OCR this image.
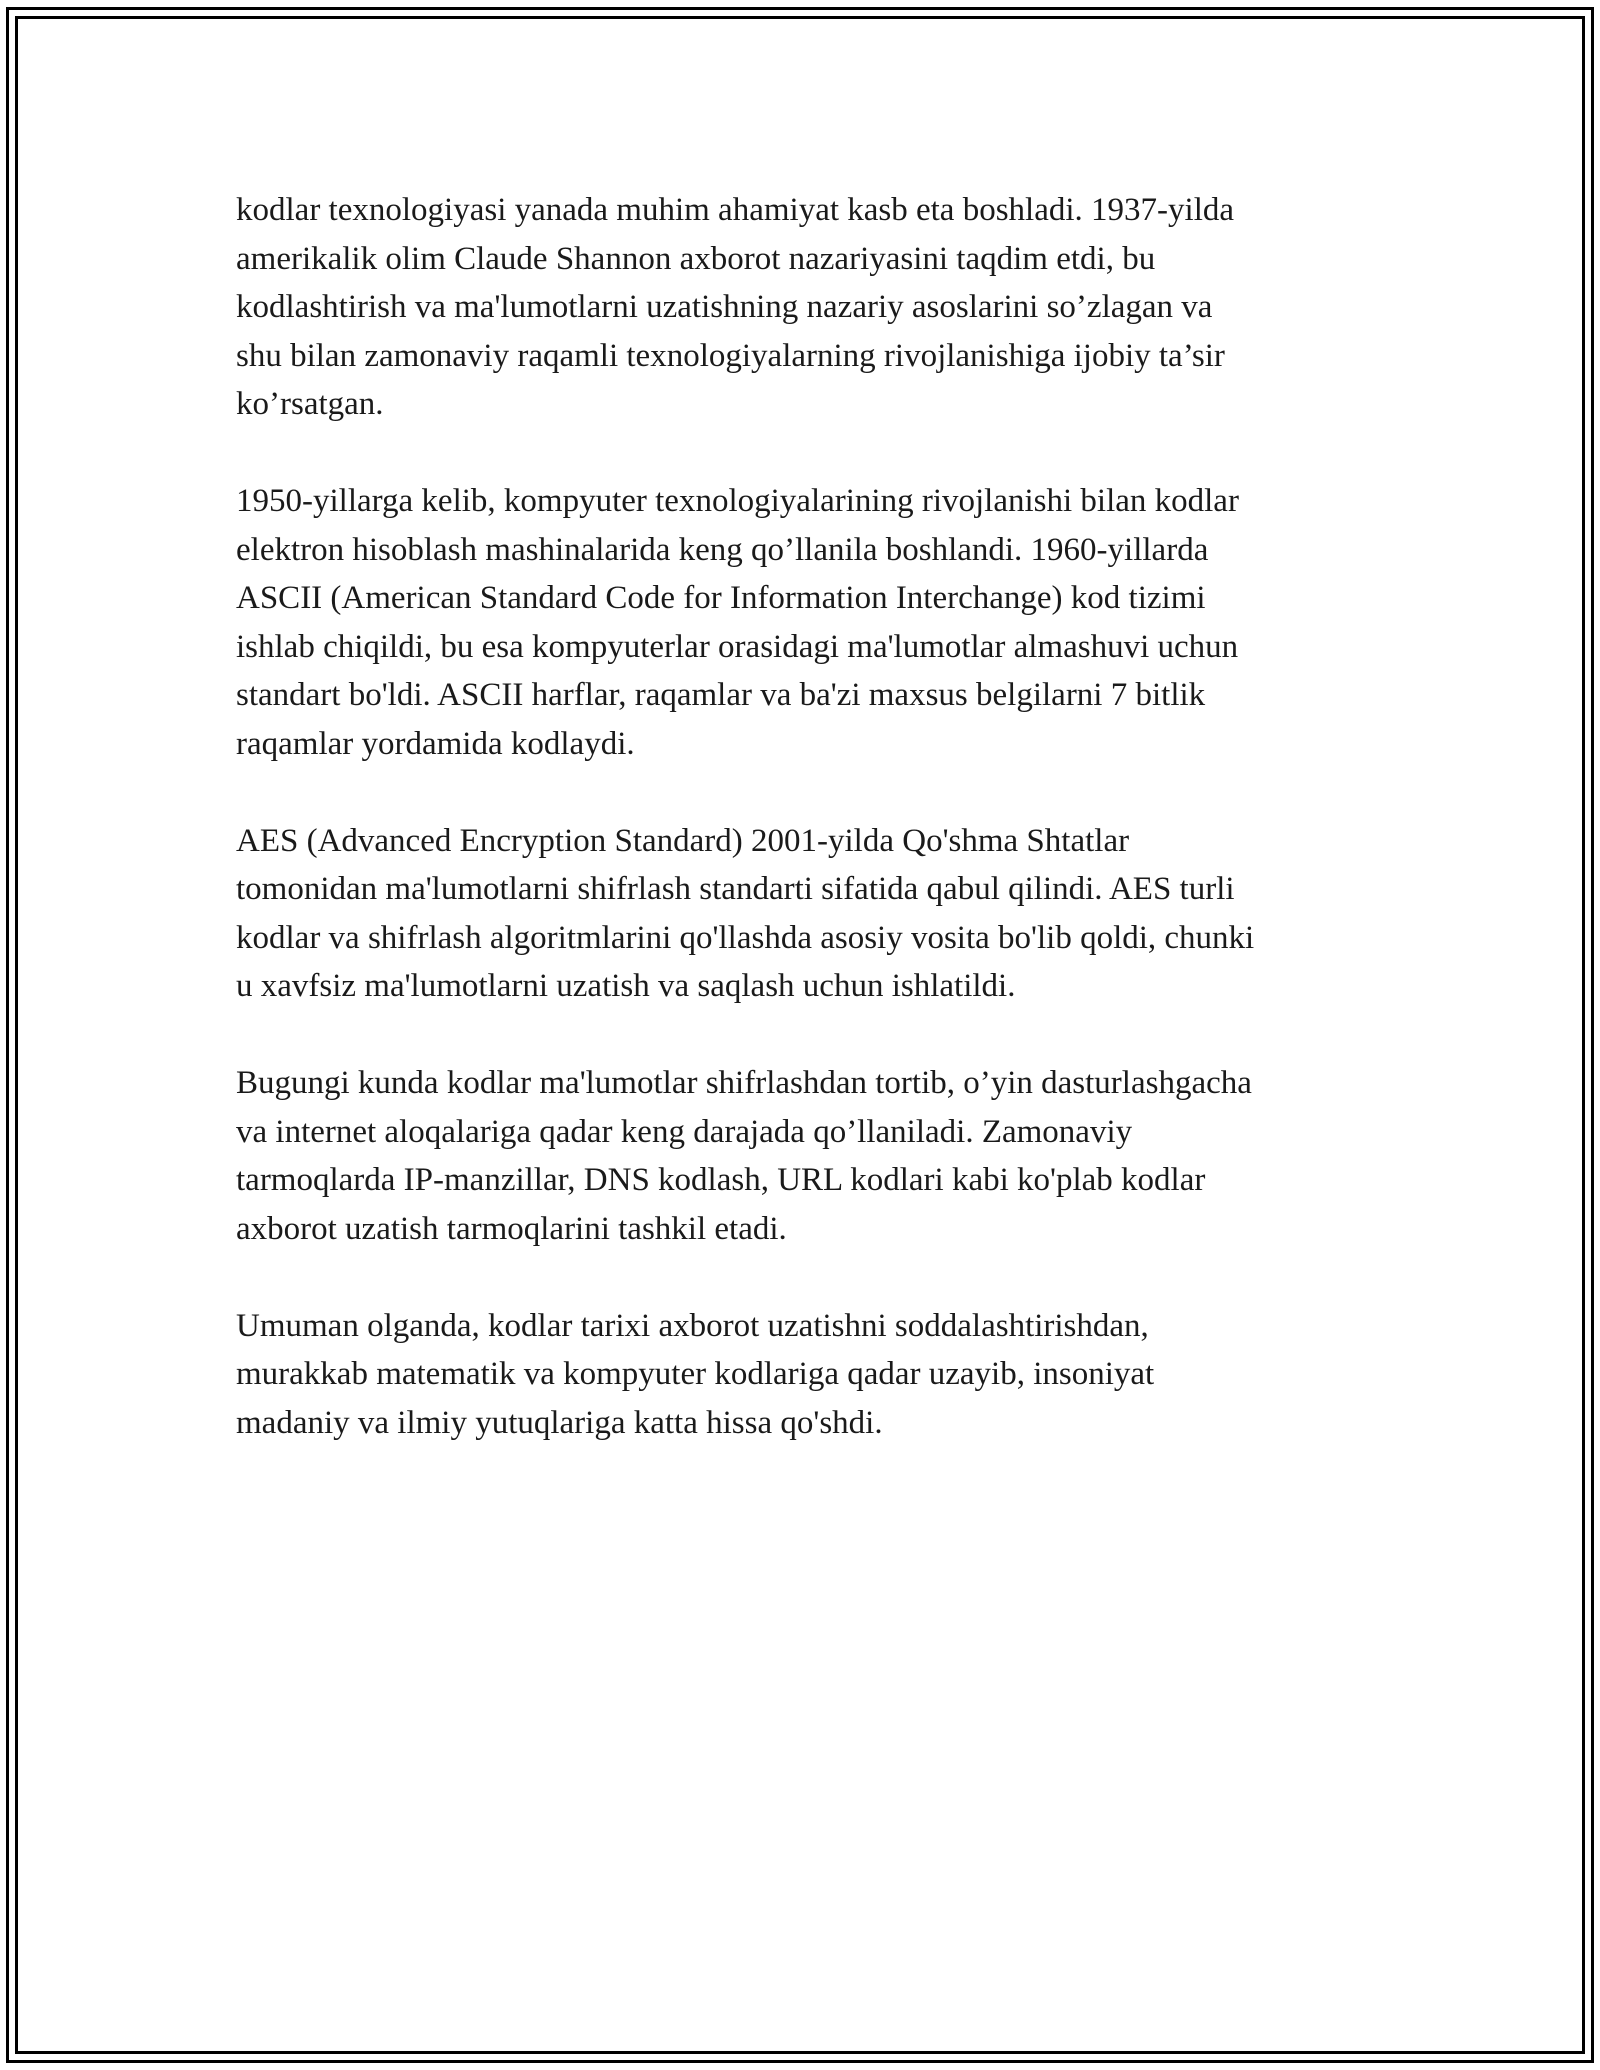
kodlar texnologiyasi yanada muhim ahamiyat kasb eta boshladi. 1937-yilda
amerikalik olim Claude Shannon axborot nazariyasini taqdim etdi, bu
kodlashtirish va ma'lumotlarni uzatishning nazariy asoslarini so’zlagan va
shu bilan zamonaviy raqamli texnologiyalarning rivojlanishiga ijobiy ta’sir
ko’rsatgan.

1950-yillarga kelib, kompyuter texnologiyalarining rivojlanishi bilan kodlar
elektron hisoblash mashinalarida keng qo’llanila boshlandi. 1960-yillarda
ASCII (American Standard Code for Information Interchange) kod tizimi
ishlab chiqildi, bu esa kompyuterlar orasidagi ma'lumotlar almashuvi uchun
standart bo'ldi. ASCII harflar, raqamlar va ba'zi maxsus belgilarni 7 bitlik
raqamlar yordamida kodlaydi.

AES (Advanced Encryption Standard) 2001-yilda Qo'shma Shtatlar
tomonidan ma'lumotlarni shifrlash standarti sifatida qabul qilindi. AES turli
kodlar va shifrlash algoritmlarini qo'llashda asosiy vosita bo'lib qoldi, chunki
u xavfsiz ma'lumotlarni uzatish va saqlash uchun ishlatildi.

Bugungi kunda kodlar ma'lumotlar shifrlashdan tortib, o’yin dasturlashgacha
va internet aloqalariga qadar keng darajada qo’llaniladi. Zamonaviy
tarmoqlarda IP-manzillar, DNS kodlash, URL kodlari kabi ko'plab kodlar
axborot uzatish tarmoqlarini tashkil etadi.

Umuman olganda, kodlar tarixi axborot uzatishni soddalashtirishdan,
murakkab matematik va kompyuter kodlariga qadar uzayib, insoniyat
madaniy va ilmiy yutuqlariga katta hissa qo'shdi.
